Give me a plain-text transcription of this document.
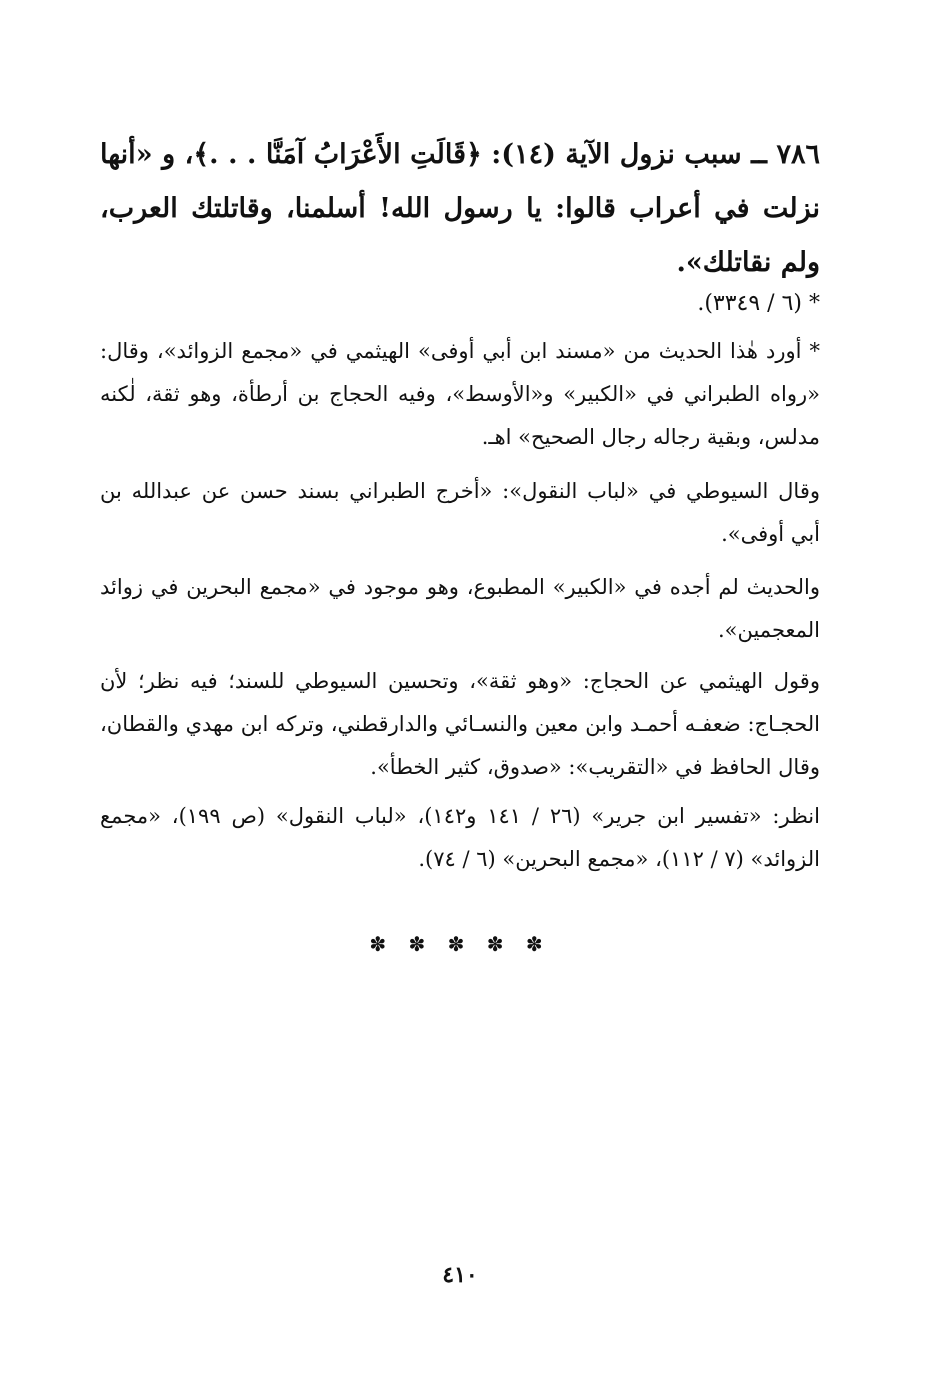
٧٨٦ ــ سبب نزول الآية (١٤): ﴿قَالَتِ الأَعْرَابُ آمَنَّا . . .﴾، و «أنها نزلت في أعراب قالوا: يا رسول الله! أسلمنا، وقاتلتك العرب، ولم نقاتلك».
* (٦ / ٣٣٤٩).

* أورد هٰذا الحديث من «مسند ابن أبي أوفى» الهيثمي في «مجمع الزوائد»، وقال: «رواه الطبراني في «الكبير» و«الأوسط»، وفيه الحجاج بن أرطأة، وهو ثقة، لٰكنه مدلس، وبقية رجاله رجال الصحيح» اهـ.

وقال السيوطي في «لباب النقول»: «أخرج الطبراني بسند حسن عن عبدالله بن أبي أوفى».

والحديث لم أجده في «الكبير» المطبوع، وهو موجود في «مجمع البحرين في زوائد المعجمين».

وقول الهيثمي عن الحجاج: «وهو ثقة»، وتحسين السيوطي للسند؛ فيه نظر؛ لأن الحجـاج: ضعفـه أحمـد وابن معين والنسـائي والدارقطني، وتركه ابن مهدي والقطان، وقال الحافظ في «التقريب»: «صدوق، كثير الخطأ».

انظر: «تفسير ابن جرير» (٢٦ / ١٤١ و١٤٢)، «لباب النقول» (ص ١٩٩)، «مجمع الزوائد» (٧ / ١١٢)، «مجمع البحرين» (٦ / ٧٤).

✽ ✽ ✽ ✽ ✽
٤١٠
